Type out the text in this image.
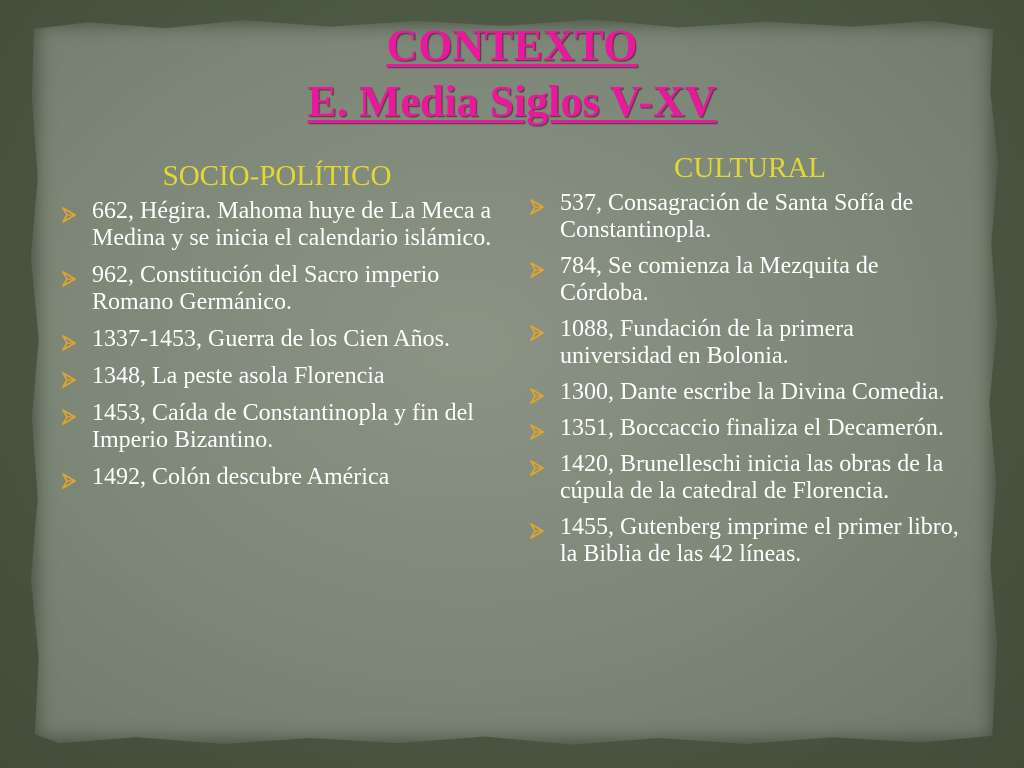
CONTEXTO
E. Media Siglos V-XV
SOCIO-POLÍTICO
662, Hégira. Mahoma huye de La Meca a Medina y se inicia el calendario islámico.
962, Constitución del Sacro imperio Romano Germánico.
1337-1453, Guerra de los Cien Años.
1348, La peste asola Florencia
1453, Caída de Constantinopla y fin del Imperio Bizantino.
1492, Colón descubre América
CULTURAL
537, Consagración de Santa Sofía de Constantinopla.
784, Se comienza la Mezquita de Córdoba.
1088, Fundación de la primera universidad en Bolonia.
1300, Dante escribe la Divina Comedia.
1351, Boccaccio finaliza el Decamerón.
1420, Brunelleschi inicia las obras de la cúpula de la catedral de Florencia.
1455, Gutenberg imprime el primer libro, la Biblia de las 42 líneas.
